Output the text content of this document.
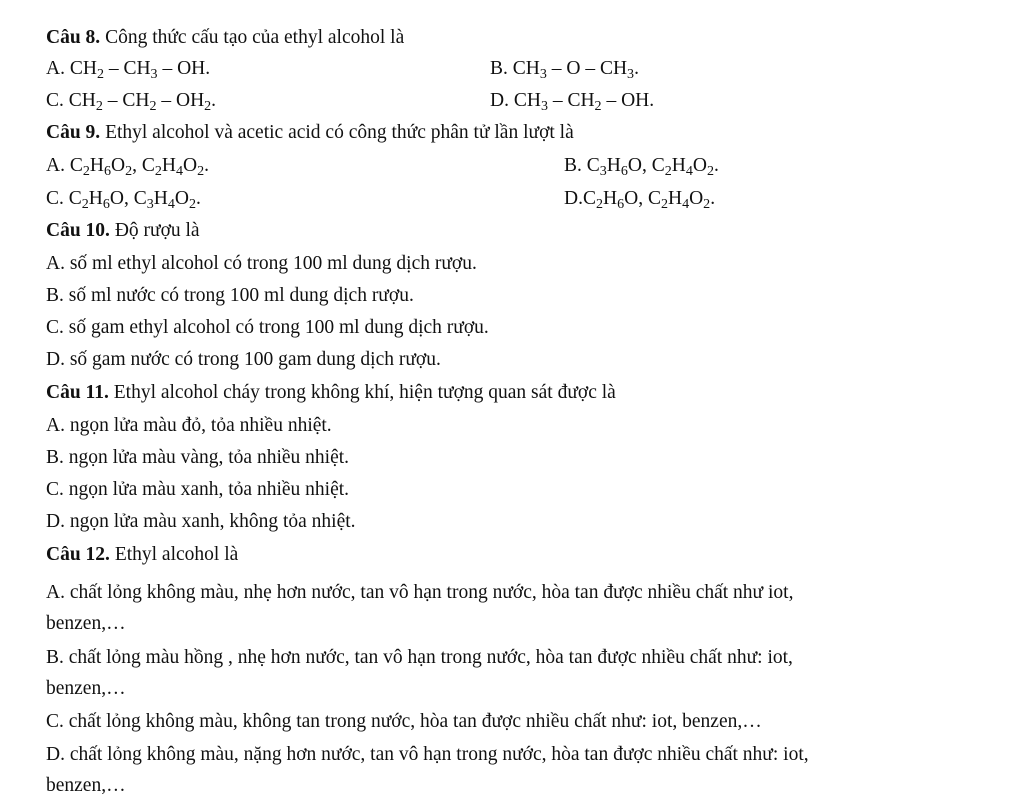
Câu 8. Công thức cấu tạo của ethyl alcohol là
A. $CH_2 - CH_3$ – OH.	B. $CH_3$ – O – $CH_3$.
C. $CH_2 - CH_2 - OH_2$.	D. $CH_3 - CH_2$ – OH.
Câu 9. Ethyl alcohol và acetic acid có công thức phân tử lần lượt là
A. $C_2H_6O_2$, $C_2H_4O_2$.	B. $C_3H_6O$, $C_2H_4O_2$.
C. $C_2H_6O$, $C_3H_4O_2$.	$D.C_2H_6O$, $C_2H_4O_2$.
Câu 10. Độ rượu là
A. số ml ethyl alcohol có trong 100 ml dung dịch rượu.
B. số ml nước có trong 100 ml dung dịch rượu.
C. số gam ethyl alcohol có trong 100 ml dung dịch rượu.
D. số gam nước có trong 100 gam dung dịch rượu.
Câu 11. Ethyl alcohol cháy trong không khí, hiện tượng quan sát được là
A. ngọn lửa màu đỏ, tỏa nhiều nhiệt.
B. ngọn lửa màu vàng, tỏa nhiều nhiệt.
C. ngọn lửa màu xanh, tỏa nhiều nhiệt.
D. ngọn lửa màu xanh, không tỏa nhiệt.
Câu 12. Ethyl alcohol là
A. chất lỏng không màu, nhẹ hơn nước, tan vô hạn trong nước, hòa tan được nhiều chất như iot,
benzen,…
B. chất lỏng màu hồng , nhẹ hơn nước, tan vô hạn trong nước, hòa tan được nhiều chất như: iot,
benzen,…
C. chất lỏng không màu, không tan trong nước, hòa tan được nhiều chất như: iot, benzen,…
D. chất lỏng không màu, nặng hơn nước, tan vô hạn trong nước, hòa tan được nhiều chất như: iot,
benzen,…
